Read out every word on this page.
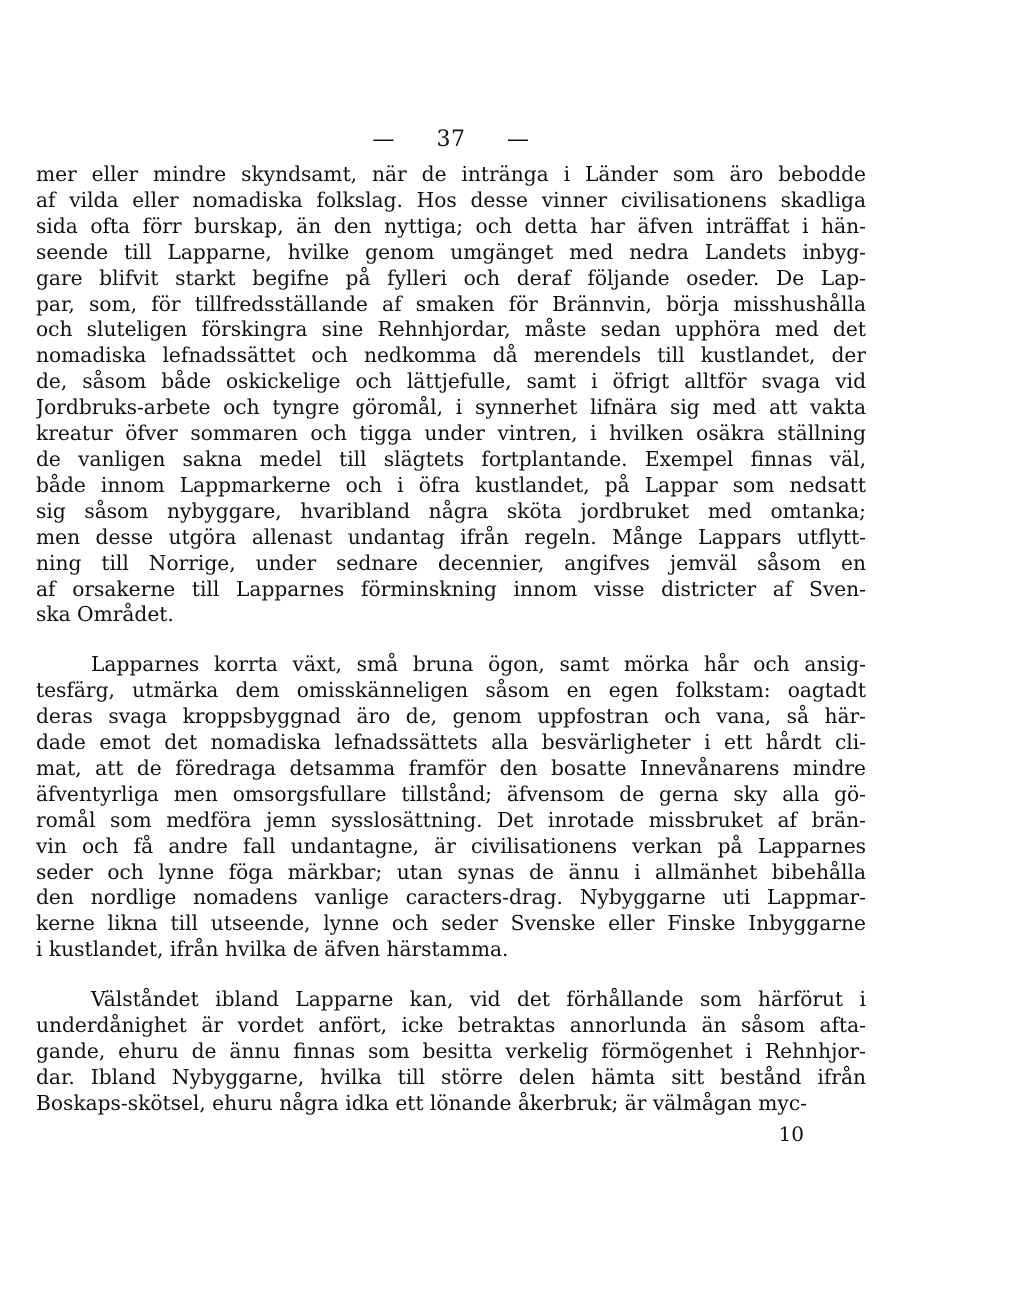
— 37 —
mer eller mindre skyndsamt, när de intränga i Länder som äro bebodde
af vilda eller nomadiska folkslag. Hos desse vinner civilisationens skadliga
sida ofta förr burskap, än den nyttiga; och detta har äfven inträffat i hän-
seende till Lapparne, hvilke genom umgänget med nedra Landets inbyg-
gare blifvit starkt begifne på fylleri och deraf följande oseder. De Lap-
par, som, för tillfredsställande af smaken för Brännvin, börja misshushålla
och sluteligen förskingra sine Rehnhjordar, måste sedan upphöra med det
nomadiska lefnadssättet och nedkomma då merendels till kustlandet, der
de, såsom både oskickelige och lättjefulle, samt i öfrigt alltför svaga vid
Jordbruks-arbete och tyngre göromål, i synnerhet lifnära sig med att vakta
kreatur öfver sommaren och tigga under vintren, i hvilken osäkra ställning
de vanligen sakna medel till slägtets fortplantande. Exempel finnas väl,
både innom Lappmarkerne och i öfra kustlandet, på Lappar som nedsatt
sig såsom nybyggare, hvaribland några sköta jordbruket med omtanka;
men desse utgöra allenast undantag ifrån regeln. Månge Lappars utflytt-
ning till Norrige, under sednare decennier, angifves jemväl såsom en
af orsakerne till Lapparnes förminskning innom visse districter af Sven-
ska Området.
Lapparnes korrta växt, små bruna ögon, samt mörka hår och ansig-
tesfärg, utmärka dem omisskänneligen såsom en egen folkstam: oagtadt
deras svaga kroppsbyggnad äro de, genom uppfostran och vana, så här-
dade emot det nomadiska lefnadssättets alla besvärligheter i ett hårdt cli-
mat, att de föredraga detsamma framför den bosatte Innevånarens mindre
äfventyrliga men omsorgsfullare tillstånd; äfvensom de gerna sky alla gö-
romål som medföra jemn sysslosättning. Det inrotade missbruket af brän-
vin och få andre fall undantagne, är civilisationens verkan på Lapparnes
seder och lynne föga märkbar; utan synas de ännu i allmänhet bibehålla
den nordlige nomadens vanlige caracters-drag. Nybyggarne uti Lappmar-
kerne likna till utseende, lynne och seder Svenske eller Finske Inbyggarne
i kustlandet, ifrån hvilka de äfven härstamma.
Välståndet ibland Lapparne kan, vid det förhållande som härförut i
underdånighet är vordet anfört, icke betraktas annorlunda än såsom afta-
gande, ehuru de ännu finnas som besitta verkelig förmögenhet i Rehnhjor-
dar. Ibland Nybyggarne, hvilka till större delen hämta sitt bestånd ifrån
Boskaps-skötsel, ehuru några idka ett lönande åkerbruk; är välmågan myc-
10
